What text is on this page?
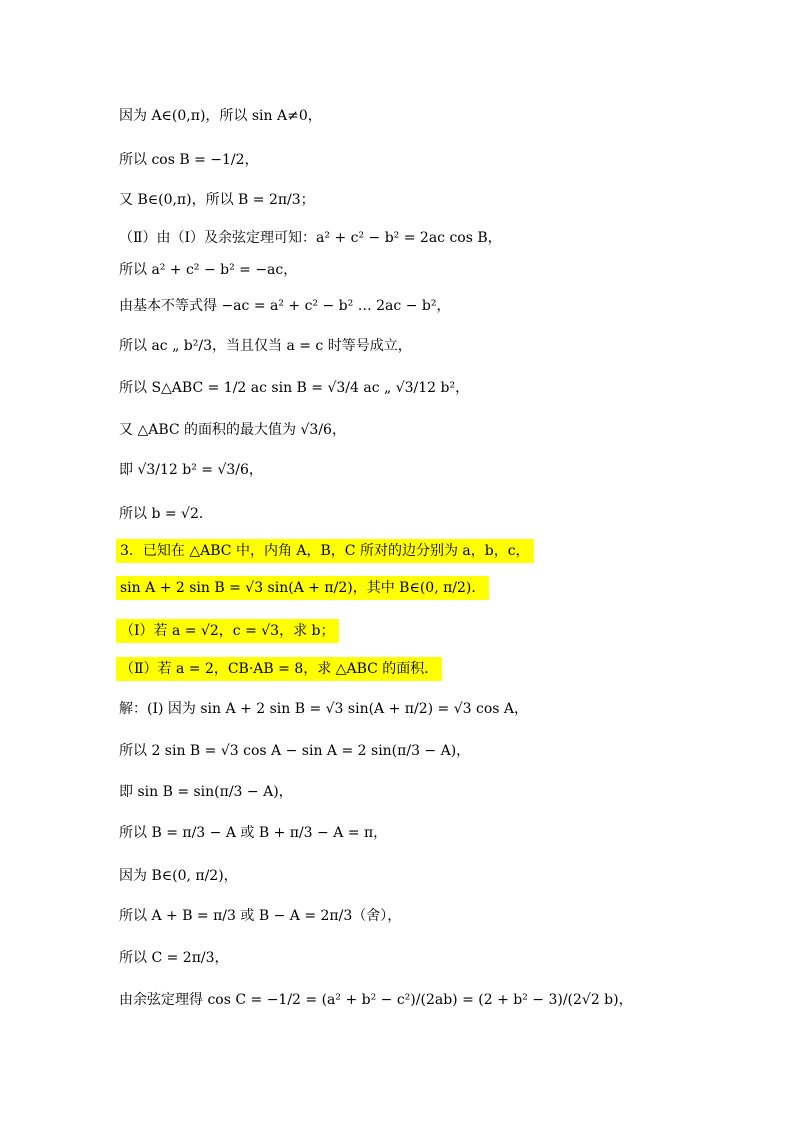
因为 A∈(0,π)，所以 sin A≠0，
所以 cos B = −1/2，
又 B∈(0,π)，所以 B = 2π/3；
（Ⅱ）由（Ⅰ）及余弦定理可知：a² + c² − b² = 2ac cos B，
所以 a² + c² − b² = −ac，
由基本不等式得 −ac = a² + c² − b² … 2ac − b²，
所以 ac „ b²/3，当且仅当 a = c 时等号成立，
所以 S△ABC = 1/2 ac sin B = √3/4 ac „ √3/12 b²，
又 △ABC 的面积的最大值为 √3/6，
即 √3/12 b² = √3/6，
所以 b = √2．
3．已知在 △ABC 中，内角 A，B，C 所对的边分别为 a，b，c，
sin A + 2 sin B = √3 sin(A + π/2)，其中 B∈(0, π/2)．
（Ⅰ）若 a = √2，c = √3，求 b；
（Ⅱ）若 a = 2，CB·AB = 8，求 △ABC 的面积．
解：(I) 因为 sin A + 2 sin B = √3 sin(A + π/2) = √3 cos A，
所以 2 sin B = √3 cos A − sin A = 2 sin(π/3 − A)，
即 sin B = sin(π/3 − A)，
所以 B = π/3 − A 或 B + π/3 − A = π，
因为 B∈(0, π/2)，
所以 A + B = π/3 或 B − A = 2π/3（舍），
所以 C = 2π/3，
由余弦定理得 cos C = −1/2 = (a² + b² − c²)/(2ab) = (2 + b² − 3)/(2√2 b)，
